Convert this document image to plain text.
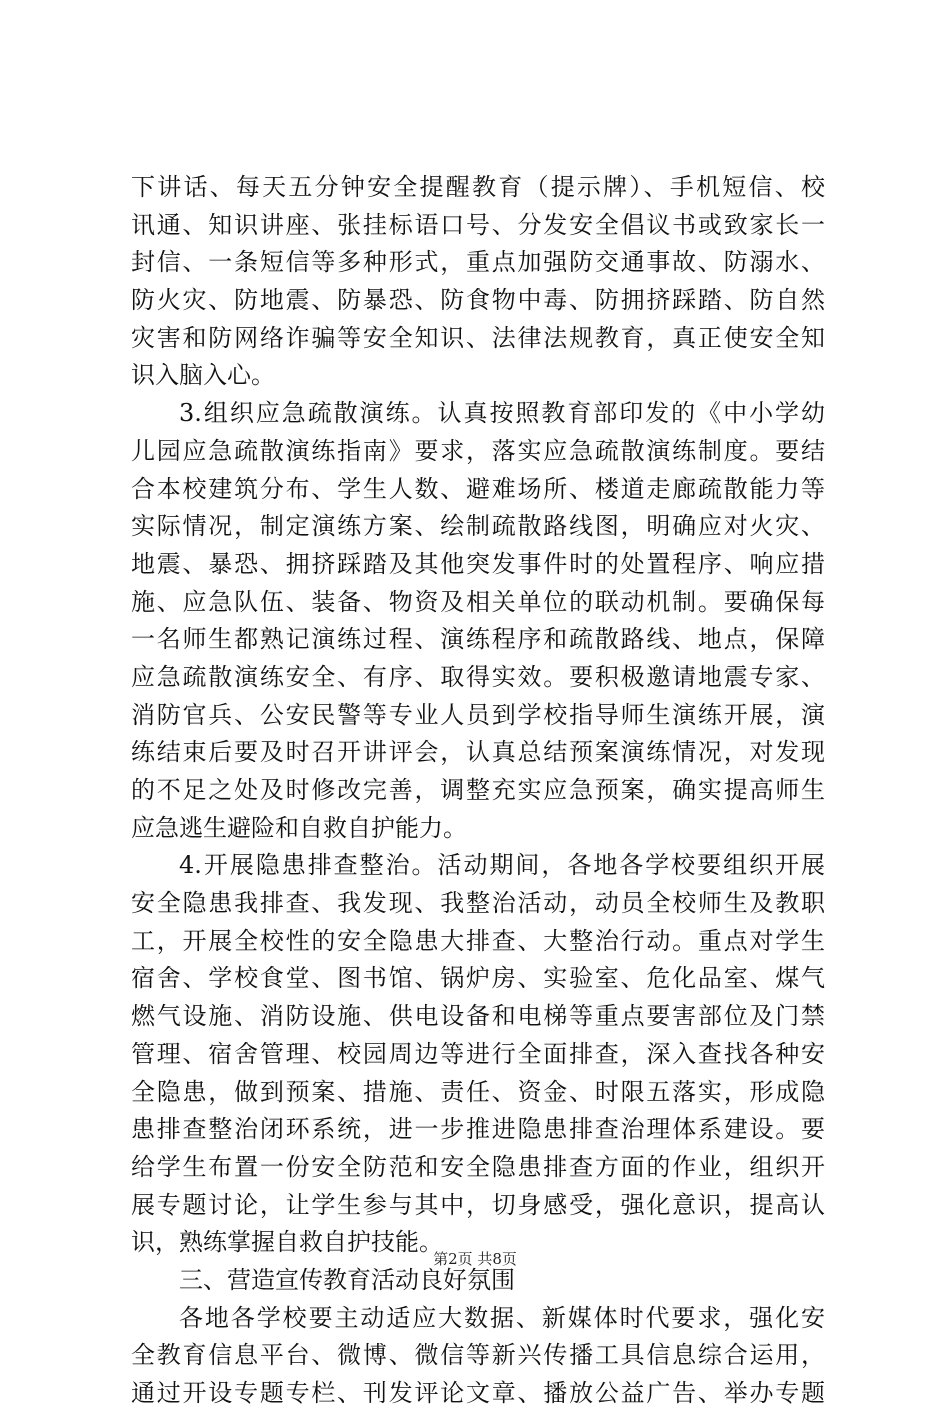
下讲话、每天五分钟安全提醒教育（提示牌）、手机短信、校
讯通、知识讲座、张挂标语口号、分发安全倡议书或致家长一
封信、一条短信等多种形式，重点加强防交通事故、防溺水、
防火灾、防地震、防暴恐、防食物中毒、防拥挤踩踏、防自然
灾害和防网络诈骗等安全知识、法律法规教育，真正使安全知
识入脑入心。
3.组织应急疏散演练。认真按照教育部印发的《中小学幼
儿园应急疏散演练指南》要求，落实应急疏散演练制度。要结
合本校建筑分布、学生人数、避难场所、楼道走廊疏散能力等
实际情况，制定演练方案、绘制疏散路线图，明确应对火灾、
地震、暴恐、拥挤踩踏及其他突发事件时的处置程序、响应措
施、应急队伍、装备、物资及相关单位的联动机制。要确保每
一名师生都熟记演练过程、演练程序和疏散路线、地点，保障
应急疏散演练安全、有序、取得实效。要积极邀请地震专家、
消防官兵、公安民警等专业人员到学校指导师生演练开展，演
练结束后要及时召开讲评会，认真总结预案演练情况，对发现
的不足之处及时修改完善，调整充实应急预案，确实提高师生
应急逃生避险和自救自护能力。
4.开展隐患排查整治。活动期间，各地各学校要组织开展
安全隐患我排查、我发现、我整治活动，动员全校师生及教职
工，开展全校性的安全隐患大排查、大整治行动。重点对学生
宿舍、学校食堂、图书馆、锅炉房、实验室、危化品室、煤气
燃气设施、消防设施、供电设备和电梯等重点要害部位及门禁
管理、宿舍管理、校园周边等进行全面排查，深入查找各种安
全隐患，做到预案、措施、责任、资金、时限五落实，形成隐
患排查整治闭环系统，进一步推进隐患排查治理体系建设。要
给学生布置一份安全防范和安全隐患排查方面的作业，组织开
展专题讨论，让学生参与其中，切身感受，强化意识，提高认
识，熟练掌握自救自护技能。
三、营造宣传教育活动良好氛围
各地各学校要主动适应大数据、新媒体时代要求，强化安
全教育信息平台、微博、微信等新兴传播工具信息综合运用，
通过开设专题专栏、刊发评论文章、播放公益广告、举办专题
第2页 共8页
